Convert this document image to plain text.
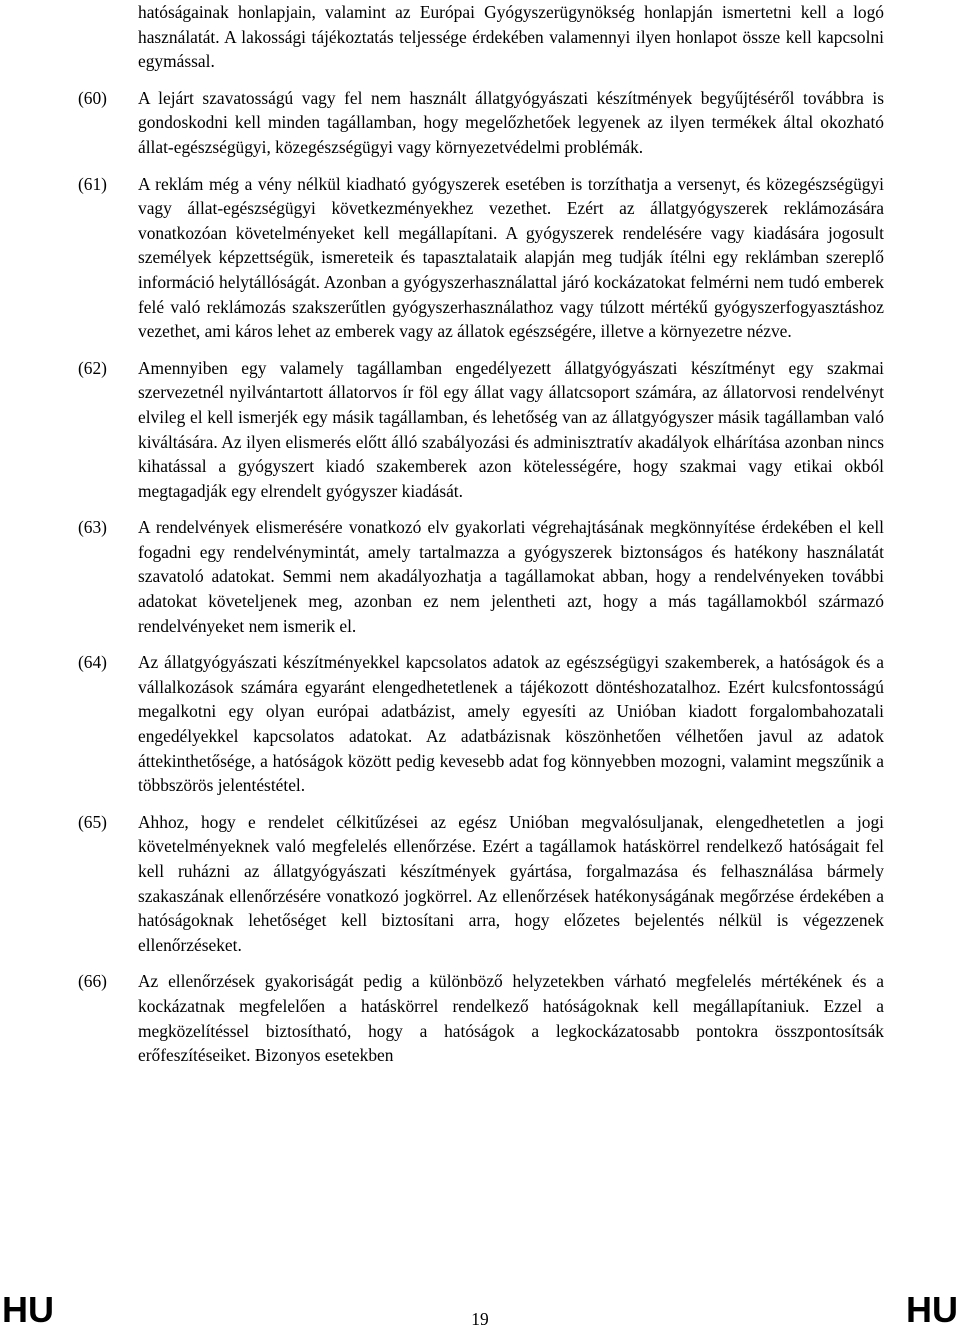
hatóságainak honlapjain, valamint az Európai Gyógyszerügynökség honlapján ismertetni kell a logó használatát. A lakossági tájékoztatás teljessége érdekében valamennyi ilyen honlapot össze kell kapcsolni egymással.
(60)	A lejárt szavatosságú vagy fel nem használt állatgyógyászati készítmények begyűjtéséről továbbra is gondoskodni kell minden tagállamban, hogy megelőzhetőek legyenek az ilyen termékek által okozható állat-egészségügyi, közegészségügyi vagy környezetvédelmi problémák.
(61)	A reklám még a vény nélkül kiadható gyógyszerek esetében is torzíthatja a versenyt, és közegészségügyi vagy állat-egészségügyi következményekhez vezethet. Ezért az állatgyógyszerek reklámozására vonatkozóan követelményeket kell megállapítani. A gyógyszerek rendelésére vagy kiadására jogosult személyek képzettségük, ismereteik és tapasztalataik alapján meg tudják ítélni egy reklámban szereplő információ helytállóságát. Azonban a gyógyszerhasználattal járó kockázatokat felmérni nem tudó emberek felé való reklámozás szakszerűtlen gyógyszerhasználathoz vagy túlzott mértékű gyógyszerfogyasztáshoz vezethet, ami káros lehet az emberek vagy az állatok egészségére, illetve a környezetre nézve.
(62)	Amennyiben egy valamely tagállamban engedélyezett állatgyógyászati készítményt egy szakmai szervezetnél nyilvántartott állatorvos ír föl egy állat vagy állatcsoport számára, az állatorvosi rendelvényt elvileg el kell ismerjék egy másik tagállamban, és lehetőség van az állatgyógyszer másik tagállamban való kiváltására. Az ilyen elismerés előtt álló szabályozási és adminisztratív akadályok elhárítása azonban nincs kihatással a gyógyszert kiadó szakemberek azon kötelességére, hogy szakmai vagy etikai okból megtagadják egy elrendelt gyógyszer kiadását.
(63)	A rendelvények elismerésére vonatkozó elv gyakorlati végrehajtásának megkönnyítése érdekében el kell fogadni egy rendelvénymintát, amely tartalmazza a gyógyszerek biztonságos és hatékony használatát szavatoló adatokat. Semmi nem akadályozhatja a tagállamokat abban, hogy a rendelvényeken további adatokat követeljenek meg, azonban ez nem jelentheti azt, hogy a más tagállamokból származó rendelvényeket nem ismerik el.
(64)	Az állatgyógyászati készítményekkel kapcsolatos adatok az egészségügyi szakemberek, a hatóságok és a vállalkozások számára egyaránt elengedhetetlenek a tájékozott döntéshozatalhoz. Ezért kulcsfontosságú megalkotni egy olyan európai adatbázist, amely egyesíti az Unióban kiadott forgalombahozatali engedélyekkel kapcsolatos adatokat. Az adatbázisnak köszönhetően vélhetően javul az adatok áttekinthetősége, a hatóságok között pedig kevesebb adat fog könnyebben mozogni, valamint megszűnik a többszörös jelentéstétel.
(65)	Ahhoz, hogy e rendelet célkitűzései az egész Unióban megvalósuljanak, elengedhetetlen a jogi követelményeknek való megfelelés ellenőrzése. Ezért a tagállamok hatáskörrel rendelkező hatóságait fel kell ruházni az állatgyógyászati készítmények gyártása, forgalmazása és felhasználása bármely szakaszának ellenőrzésére vonatkozó jogkörrel. Az ellenőrzések hatékonyságának megőrzése érdekében a hatóságoknak lehetőséget kell biztosítani arra, hogy előzetes bejelentés nélkül is végezzenek ellenőrzéseket.
(66)	Az ellenőrzések gyakoriságát pedig a különböző helyzetekben várható megfelelés mértékének és a kockázatnak megfelelően a hatáskörrel rendelkező hatóságoknak kell megállapítaniuk. Ezzel a megközelítéssel biztosítható, hogy a hatóságok a legkockázatosabb pontokra összpontosítsák erőfeszítéseiket. Bizonyos esetekben
HU	19	HU
